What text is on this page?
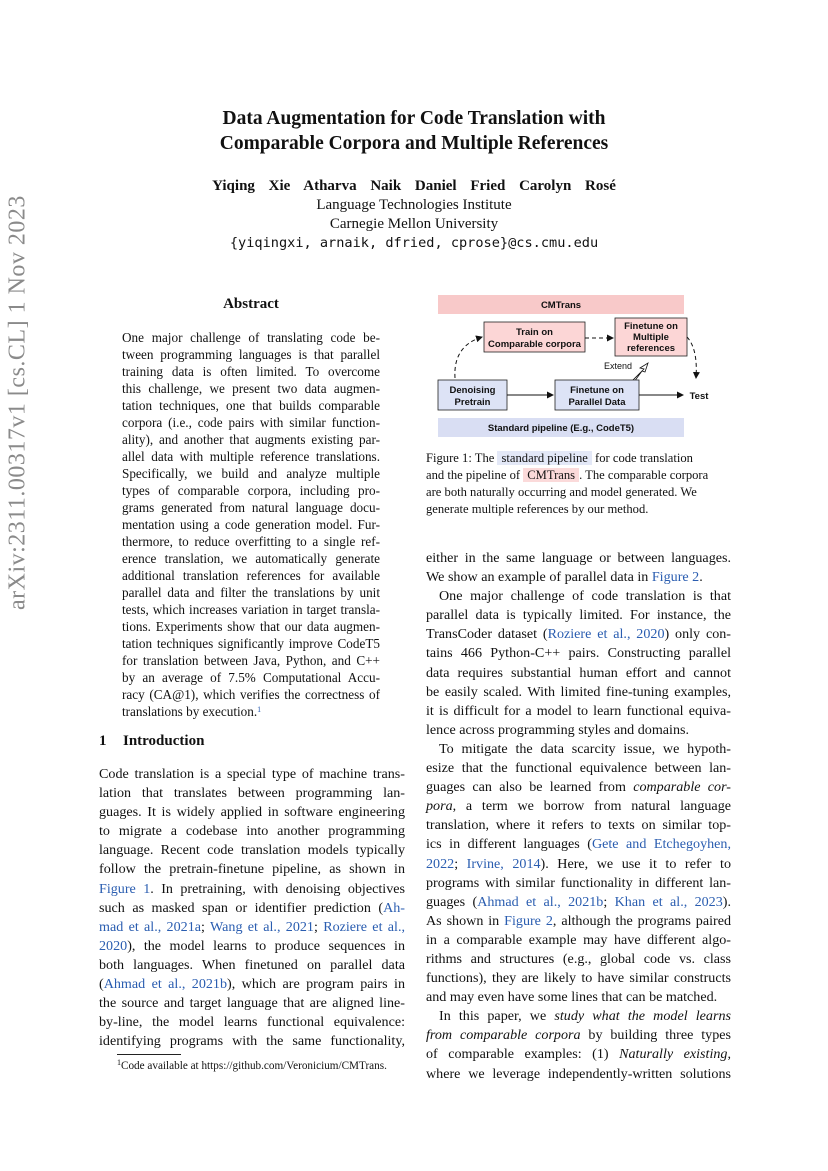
Data Augmentation for Code Translation with
Comparable Corpora and Multiple References
Yiqing Xie Atharva Naik Daniel Fried Carolyn Rosé
Language Technologies Institute
Carnegie Mellon University
{yiqingxi, arnaik, dfried, cprose}@cs.cmu.edu
arXiv:2311.00317v1 [cs.CL] 1 Nov 2023	Abstract
One major challenge of translating code be-
tween programming languages is that parallel
training data is often limited. To overcome
this challenge, we present two data augmen-
tation techniques, one that builds comparable
corpora (i.e., code pairs with similar function-
ality), and another that augments existing par-
allel data with multiple reference translations.
Specifically, we build and analyze multiple
types of comparable corpora, including pro-
grams generated from natural language docu-
mentation using a code generation model. Fur-
thermore, to reduce overfitting to a single ref-
erence translation, we automatically generate
additional translation references for available
parallel data and filter the translations by unit
tests, which increases variation in target transla-
tions. Experiments show that our data augmen-
tation techniques significantly improve CodeT5
for translation between Java, Python, and C++
by an average of 7.5% Computational Accu-
racy (CA@1), which verifies the correctness of
translations by execution.$^1$
1 Introduction
Code translation is a special type of machine trans-
lation that translates between programming lan-
guages. It is widely applied in software engineering
to migrate a codebase into another programming
language. Recent code translation models typically
follow the pretrain-finetune pipeline, as shown in
Figure 1. In pretraining, with denoising objectives
such as masked span or identifier prediction (Ah-
mad et al., 2021a; Wang et al., 2021; Roziere et al.,
2020), the model learns to produce sequences in
both languages. When finetuned on parallel data
(Ahmad et al., 2021b), which are program pairs in
the source and target language that are aligned line-
by-line, the model learns functional equivalence:
identifying programs with the same functionality,
$^1$Code available at https://github.com/Veronicium/CMTrans.
CMTrans
Train on
Comparable corpora
Finetune on
Multiple
references
Extend
Denoising
Pretrain
Finetune on
Parallel Data
Test
Standard pipeline (E.g., CodeT5)
Figure 1: The standard pipeline for code translation
and the pipeline of CMTrans . The comparable corpora
are both naturally occurring and model generated. We
generate multiple references by our method.
either in the same language or between languages.
We show an example of parallel data in Figure 2.
One major challenge of code translation is that
parallel data is typically limited. For instance, the
TransCoder dataset (Roziere et al., 2020) only con-
tains 466 Python-C++ pairs. Constructing parallel
data requires substantial human effort and cannot
be easily scaled. With limited fine-tuning examples,
it is difficult for a model to learn functional equiva-
lence across programming styles and domains.
To mitigate the data scarcity issue, we hypoth-
esize that the functional equivalence between lan-
guages can also be learned from comparable cor-
pora, a term we borrow from natural language
translation, where it refers to texts on similar top-
ics in different languages (Gete and Etchegoyhen,
2022; Irvine, 2014). Here, we use it to refer to
programs with similar functionality in different lan-
guages (Ahmad et al., 2021b; Khan et al., 2023).
As shown in Figure 2, although the programs paired
in a comparable example may have different algo-
rithms and structures (e.g., global code vs. class
functions), they are likely to have similar constructs
and may even have some lines that can be matched.
In this paper, we study what the model learns
from comparable corpora by building three types
of comparable examples: (1) Naturally existing,
where we leverage independently-written solutions
